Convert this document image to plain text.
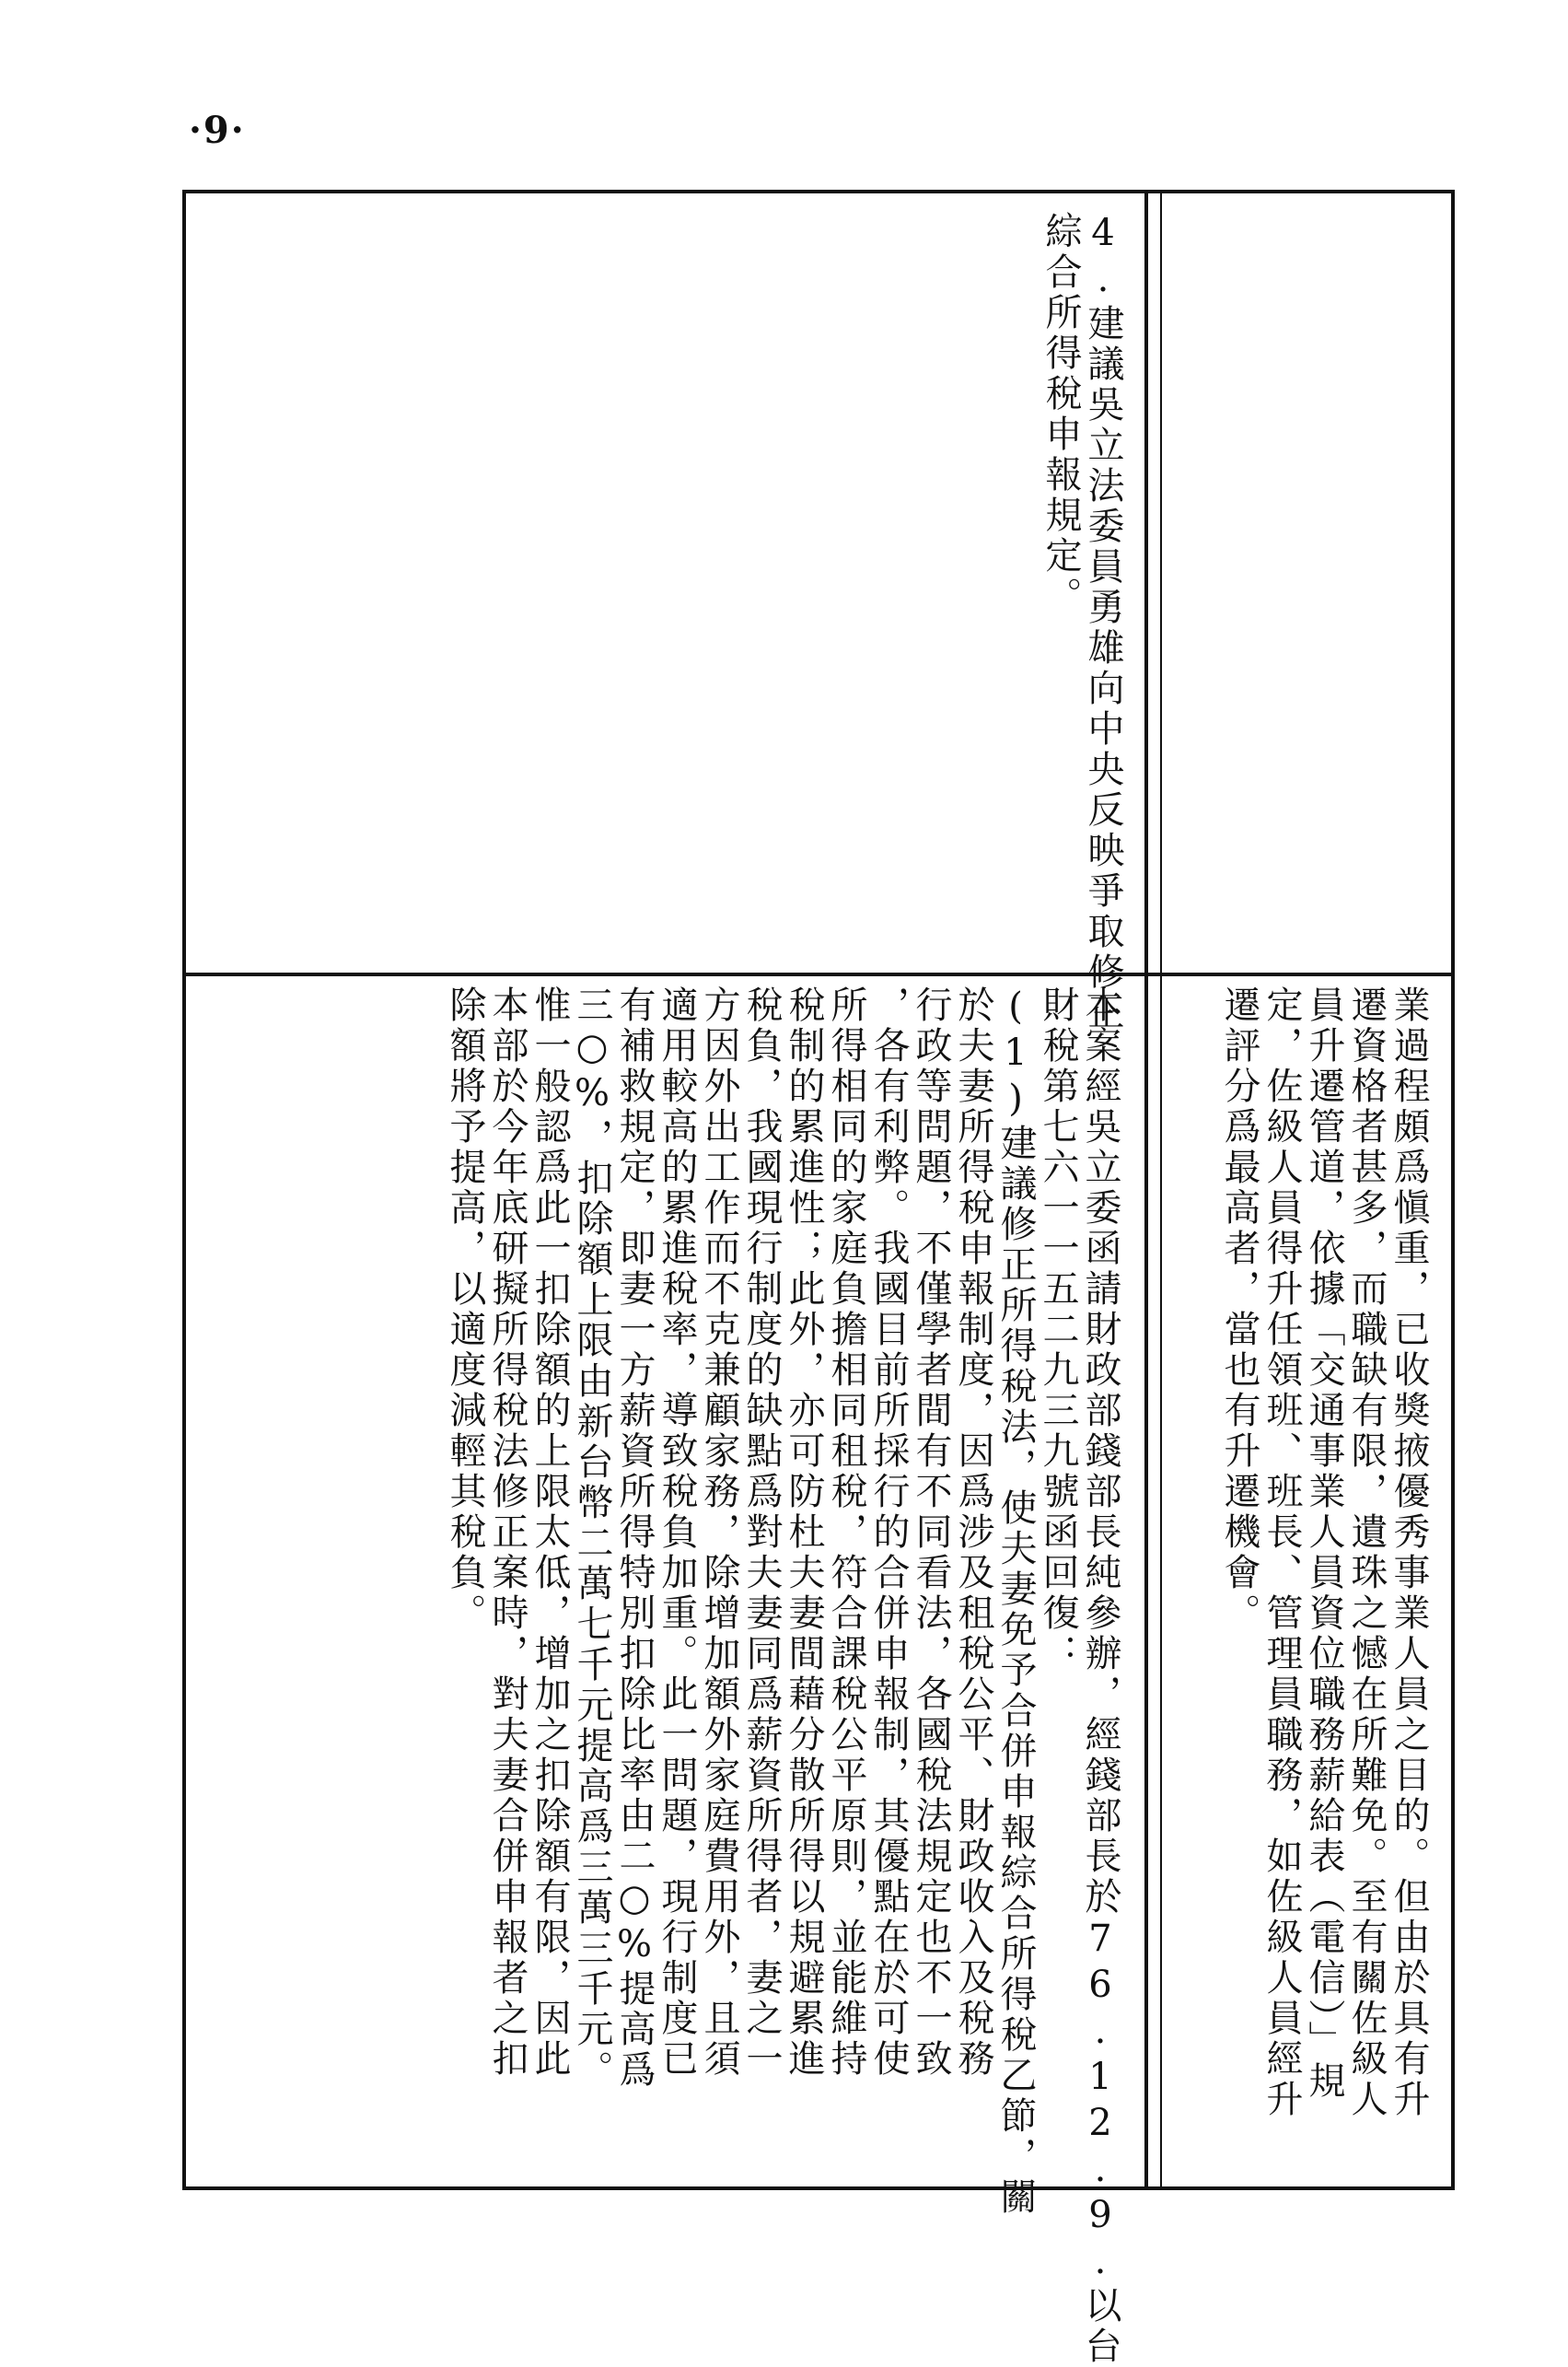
·9·
4.建議吳立法委員勇雄向中央反映爭取修正
綜合所得稅申報規定。
業過程頗爲愼重，已收獎掖優秀事業人員之目的。但由於具有升
遷資格者甚多，而職缺有限，遺珠之憾在所難免。至有關佐級人
員升遷管道，依據「交通事業人員資位職務薪給表（電信）」規
定，佐級人員得升任領班、班長、管理員職務，如佐級人員經升
遷評分爲最高者，當也有升遷機會。
本案經吳立委函請財政部錢部長純參辦，經錢部長於76.12.9.以台
財稅第七六一一五二九三九號函回復：
(1)建議修正所得稅法，使夫妻免予合併申報綜合所得稅乙節，關
於夫妻所得稅申報制度，因爲涉及租稅公平、財政收入及稅務
行政等問題，不僅學者間有不同看法，各國稅法規定也不一致
，各有利弊。我國目前所採行的合併申報制，其優點在於可使
所得相同的家庭負擔相同租稅，符合課稅公平原則，並能維持
稅制的累進性；此外，亦可防杜夫妻間藉分散所得以規避累進
稅負，我國現行制度的缺點爲對夫妻同爲薪資所得者，妻之一
方因外出工作而不克兼顧家務，除增加額外家庭費用外，且須
適用較高的累進稅率，導致稅負加重。此一問題，現行制度已
有補救規定，即妻一方薪資所得特別扣除比率由二○%提高爲
三○%，扣除額上限由新台幣二萬七千元提高爲三萬三千元。
惟一般認爲此一扣除額的上限太低，增加之扣除額有限，因此
本部於今年底研擬所得稅法修正案時，對夫妻合併申報者之扣
除額將予提高，以適度減輕其稅負。
